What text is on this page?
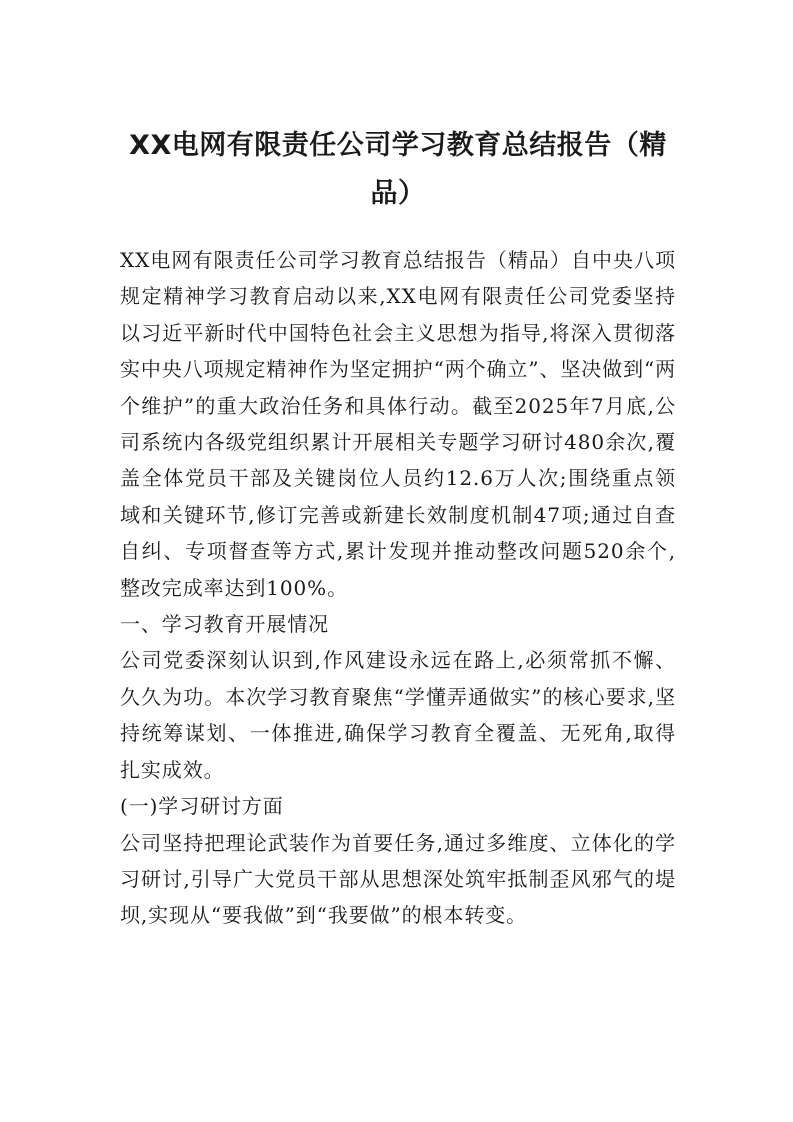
XX电网有限责任公司学习教育总结报告（精品）

XX电网有限责任公司学习教育总结报告（精品）自中央八项规定精神学习教育启动以来,XX电网有限责任公司党委坚持以习近平新时代中国特色社会主义思想为指导,将深入贯彻落实中央八项规定精神作为坚定拥护“两个确立”、坚决做到“两个维护”的重大政治任务和具体行动。截至2025年7月底,公司系统内各级党组织累计开展相关专题学习研讨480余次,覆盖全体党员干部及关键岗位人员约12.6万人次;围绕重点领域和关键环节,修订完善或新建长效制度机制47项;通过自查自纠、专项督查等方式,累计发现并推动整改问题520余个,整改完成率达到100%。

一、学习教育开展情况

公司党委深刻认识到,作风建设永远在路上,必须常抓不懈、久久为功。本次学习教育聚焦“学懂弄通做实”的核心要求,坚持统筹谋划、一体推进,确保学习教育全覆盖、无死角,取得扎实成效。

(一)学习研讨方面

公司坚持把理论武装作为首要任务,通过多维度、立体化的学习研讨,引导广大党员干部从思想深处筑牢抵制歪风邪气的堤坝,实现从“要我做”到“我要做”的根本转变。
